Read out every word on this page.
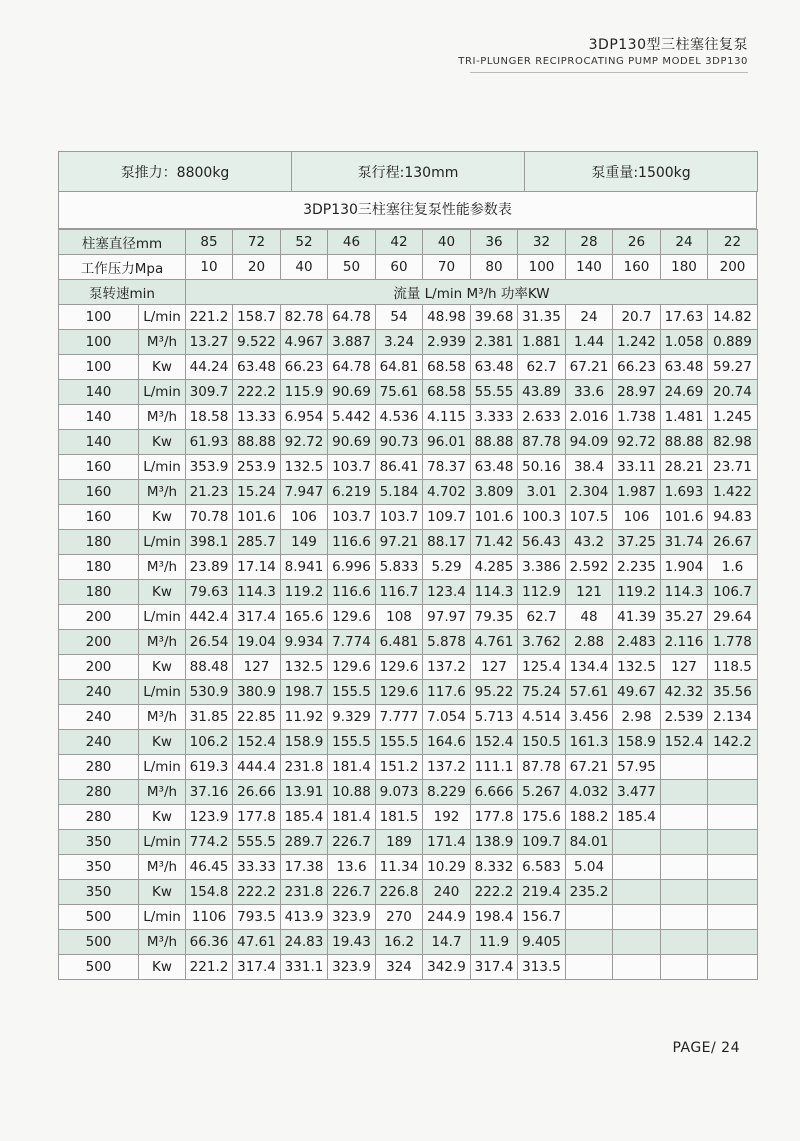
3DP130型三柱塞往复泵
TRI-PLUNGER RECIPROCATING PUMP MODEL 3DP130
泵推力：8800kg	泵行程:130mm	泵重量:1500kg
3DP130三柱塞往复泵性能参数表
柱塞直径mm		85	72	52	46	42	40	36	32	28	26	24	22
工作压力Mpa		10	20	40	50	60	70	80	100	140	160	180	200
泵转速min		流量 L/min M³/h 功率KW											
100	L/min	221.2	158.7	82.78	64.78	54	48.98	39.68	31.35	24	20.7	17.63	14.82
100	M³/h	13.27	9.522	4.967	3.887	3.24	2.939	2.381	1.881	1.44	1.242	1.058	0.889
100	Kw	44.24	63.48	66.23	64.78	64.81	68.58	63.48	62.7	67.21	66.23	63.48	59.27
140	L/min	309.7	222.2	115.9	90.69	75.61	68.58	55.55	43.89	33.6	28.97	24.69	20.74
140	M³/h	18.58	13.33	6.954	5.442	4.536	4.115	3.333	2.633	2.016	1.738	1.481	1.245
140	Kw	61.93	88.88	92.72	90.69	90.73	96.01	88.88	87.78	94.09	92.72	88.88	82.98
160	L/min	353.9	253.9	132.5	103.7	86.41	78.37	63.48	50.16	38.4	33.11	28.21	23.71
160	M³/h	21.23	15.24	7.947	6.219	5.184	4.702	3.809	3.01	2.304	1.987	1.693	1.422
160	Kw	70.78	101.6	106	103.7	103.7	109.7	101.6	100.3	107.5	106	101.6	94.83
180	L/min	398.1	285.7	149	116.6	97.21	88.17	71.42	56.43	43.2	37.25	31.74	26.67
180	M³/h	23.89	17.14	8.941	6.996	5.833	5.29	4.285	3.386	2.592	2.235	1.904	1.6
180	Kw	79.63	114.3	119.2	116.6	116.7	123.4	114.3	112.9	121	119.2	114.3	106.7
200	L/min	442.4	317.4	165.6	129.6	108	97.97	79.35	62.7	48	41.39	35.27	29.64
200	M³/h	26.54	19.04	9.934	7.774	6.481	5.878	4.761	3.762	2.88	2.483	2.116	1.778
200	Kw	88.48	127	132.5	129.6	129.6	137.2	127	125.4	134.4	132.5	127	118.5
240	L/min	530.9	380.9	198.7	155.5	129.6	117.6	95.22	75.24	57.61	49.67	42.32	35.56
240	M³/h	31.85	22.85	11.92	9.329	7.777	7.054	5.713	4.514	3.456	2.98	2.539	2.134
240	Kw	106.2	152.4	158.9	155.5	155.5	164.6	152.4	150.5	161.3	158.9	152.4	142.2
280	L/min	619.3	444.4	231.8	181.4	151.2	137.2	111.1	87.78	67.21	57.95		
280	M³/h	37.16	26.66	13.91	10.88	9.073	8.229	6.666	5.267	4.032	3.477		
280	Kw	123.9	177.8	185.4	181.4	181.5	192	177.8	175.6	188.2	185.4		
350	L/min	774.2	555.5	289.7	226.7	189	171.4	138.9	109.7	84.01			
350	M³/h	46.45	33.33	17.38	13.6	11.34	10.29	8.332	6.583	5.04			
350	Kw	154.8	222.2	231.8	226.7	226.8	240	222.2	219.4	235.2			
500	L/min	1106	793.5	413.9	323.9	270	244.9	198.4	156.7				
500	M³/h	66.36	47.61	24.83	19.43	16.2	14.7	11.9	9.405				
500	Kw	221.2	317.4	331.1	323.9	324	342.9	317.4	313.5				
PAGE/ 24
